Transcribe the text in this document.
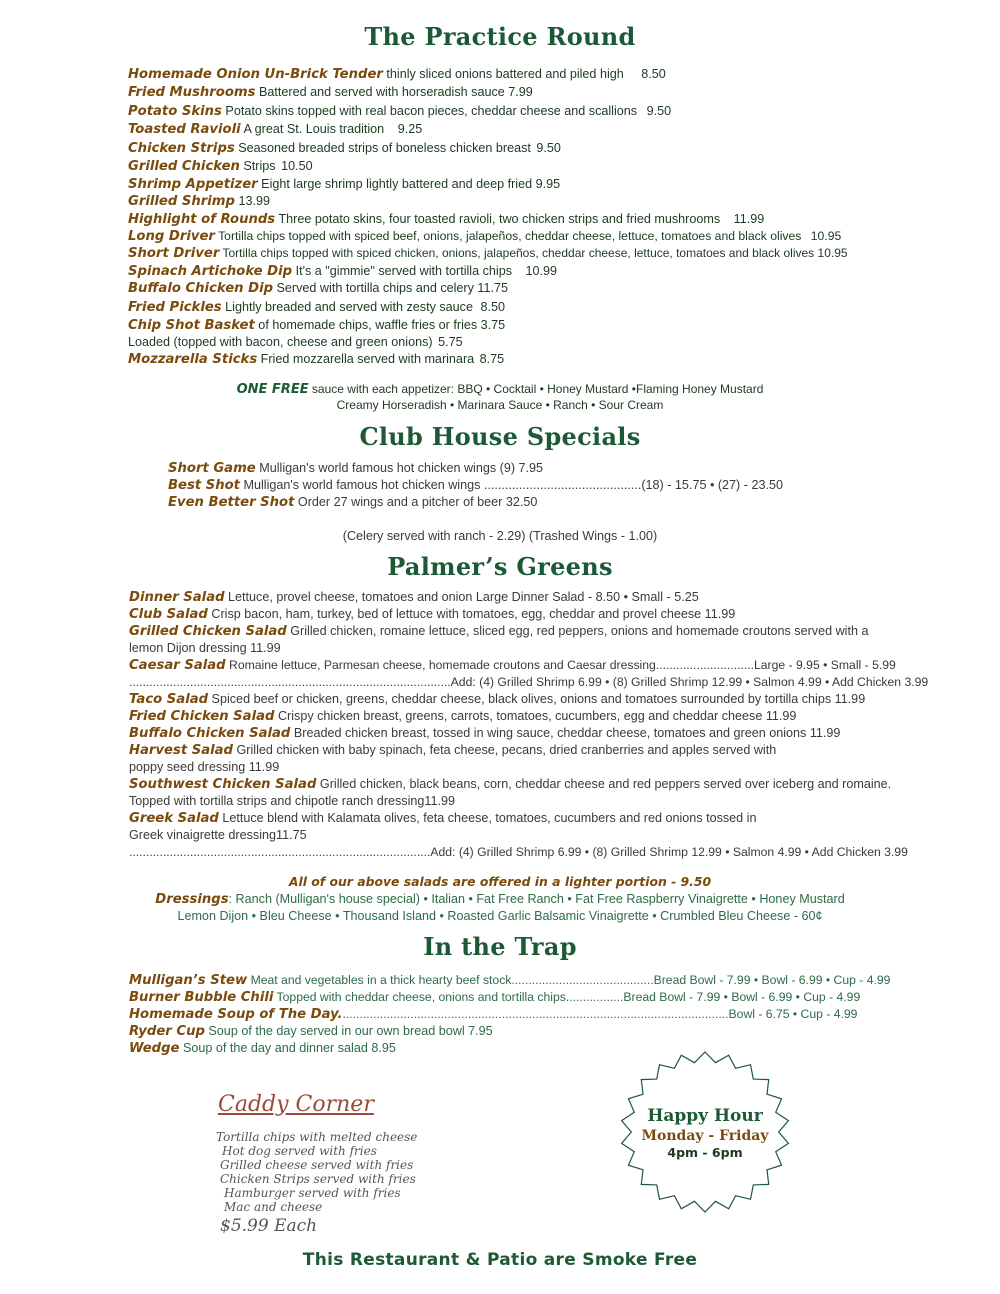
The Practice Round
Homemade Onion Un-Brick Tender thinly sliced onions battered and piled high 8.50
Fried Mushrooms Battered and served with horseradish sauce 7.99
Potato Skins Potato skins topped with real bacon pieces, cheddar cheese and scallions 9.50
Toasted Ravioli A great St. Louis tradition 9.25
Chicken Strips Seasoned breaded strips of boneless chicken breast 9.50
Grilled Chicken Strips 10.50
Shrimp Appetizer Eight large shrimp lightly battered and deep fried 9.95
Grilled Shrimp 13.99
Highlight of Rounds Three potato skins, four toasted ravioli, two chicken strips and fried mushrooms 11.99
Long Driver Tortilla chips topped with spiced beef, onions, jalapeños, cheddar cheese, lettuce, tomatoes and black olives 10.95
Short Driver Tortilla chips topped with spiced chicken, onions, jalapeños, cheddar cheese, lettuce, tomatoes and black olives 10.95
Spinach Artichoke Dip It's a "gimmie" served with tortilla chips 10.99
Buffalo Chicken Dip Served with tortilla chips and celery 11.75
Fried Pickles Lightly breaded and served with zesty sauce 8.50
Chip Shot Basket of homemade chips, waffle fries or fries 3.75
Loaded (topped with bacon, cheese and green onions) 5.75
Mozzarella Sticks Fried mozzarella served with marinara 8.75
ONE FREE sauce with each appetizer: BBQ • Cocktail • Honey Mustard •Flaming Honey Mustard
Creamy Horseradish • Marinara Sauce • Ranch • Sour Cream
Club House Specials
Short Game Mulligan's world famous hot chicken wings (9) 7.95
Best Shot Mulligan's world famous hot chicken wings .............................................(18) - 15.75 • (27) - 23.50
Even Better Shot Order 27 wings and a pitcher of beer 32.50
(Celery served with ranch - 2.29) (Trashed Wings - 1.00)
Palmer’s Greens
Dinner Salad Lettuce, provel cheese, tomatoes and onion Large Dinner Salad - 8.50 • Small - 5.25
Club Salad Crisp bacon, ham, turkey, bed of lettuce with tomatoes, egg, cheddar and provel cheese 11.99
Grilled Chicken Salad Grilled chicken, romaine lettuce, sliced egg, red peppers, onions and homemade croutons served with a
lemon Dijon dressing 11.99
Caesar Salad Romaine lettuce, Parmesan cheese, homemade croutons and Caesar dressing.............................Large - 9.95 • Small - 5.99
...............................................................................................Add: (4) Grilled Shrimp 6.99 • (8) Grilled Shrimp 12.99 • Salmon 4.99 • Add Chicken 3.99
Taco Salad Spiced beef or chicken, greens, cheddar cheese, black olives, onions and tomatoes surrounded by tortilla chips 11.99
Fried Chicken Salad Crispy chicken breast, greens, carrots, tomatoes, cucumbers, egg and cheddar cheese 11.99
Buffalo Chicken Salad Breaded chicken breast, tossed in wing sauce, cheddar cheese, tomatoes and green onions 11.99
Harvest Salad Grilled chicken with baby spinach, feta cheese, pecans, dried cranberries and apples served with
poppy seed dressing 11.99
Southwest Chicken Salad Grilled chicken, black beans, corn, cheddar cheese and red peppers served over iceberg and romaine.
Topped with tortilla strips and chipotle ranch dressing11.99
Greek Salad Lettuce blend with Kalamata olives, feta cheese, tomatoes, cucumbers and red onions tossed in
Greek vinaigrette dressing11.75
.........................................................................................Add: (4) Grilled Shrimp 6.99 • (8) Grilled Shrimp 12.99 • Salmon 4.99 • Add Chicken 3.99
All of our above salads are offered in a lighter portion - 9.50
Dressings: Ranch (Mulligan's house special) • Italian • Fat Free Ranch • Fat Free Raspberry Vinaigrette • Honey Mustard
Lemon Dijon • Bleu Cheese • Thousand Island • Roasted Garlic Balsamic Vinaigrette • Crumbled Bleu Cheese - 60¢
In the Trap
Mulligan’s Stew Meat and vegetables in a thick hearty beef stock..........................................Bread Bowl - 7.99 • Bowl - 6.99 • Cup - 4.99
Burner Bubble Chili Topped with cheddar cheese, onions and tortilla chips.................Bread Bowl - 7.99 • Bowl - 6.99 • Cup - 4.99
Homemade Soup of The Day...................................................................................................................Bowl - 6.75 • Cup - 4.99
Ryder Cup Soup of the day served in our own bread bowl 7.95
Wedge Soup of the day and dinner salad 8.95
Caddy Corner
Tortilla chips with melted cheese
Hot dog served with fries
Grilled cheese served with fries
Chicken Strips served with fries
Hamburger served with fries
Mac and cheese
$5.99 Each
Happy Hour
Monday - Friday
4pm - 6pm
This Restaurant & Patio are Smoke Free
